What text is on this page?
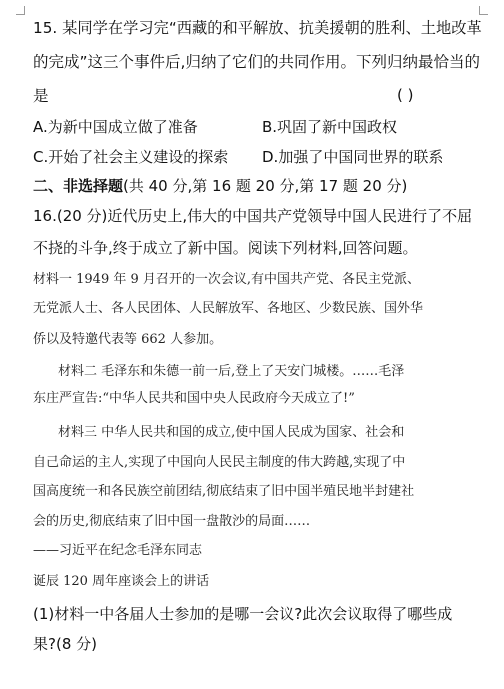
15. 某同学在学习完“西藏的和平解放、抗美援朝的胜利、土地改革
的完成”这三个事件后,归纳了它们的共同作用。下列归纳最恰当的
是	( )
A.为新中国成立做了准备	B.巩固了新中国政权
C.开始了社会主义建设的探索 D.加强了中国同世界的联系
二、非选择题(共 40 分,第 16 题 20 分,第 17 题 20 分)
16.(20 分)近代历史上,伟大的中国共产党领导中国人民进行了不屈
不挠的斗争,终于成立了新中国。阅读下列材料,回答问题。
材料一 1949 年 9 月召开的一次会议,有中国共产党、各民主党派、
无党派人士、各人民团体、人民解放军、各地区、少数民族、国外华
侨以及特邀代表等 662 人参加。
材料二 毛泽东和朱德一前一后,登上了天安门城楼。……毛泽
东庄严宣告:“中华人民共和国中央人民政府今天成立了!”
材料三 中华人民共和国的成立,使中国人民成为国家、社会和
自己命运的主人,实现了中国向人民民主制度的伟大跨越,实现了中
国高度统一和各民族空前团结,彻底结束了旧中国半殖民地半封建社
会的历史,彻底结束了旧中国一盘散沙的局面……
——习近平在纪念毛泽东同志
诞辰 120 周年座谈会上的讲话
(1)材料一中各届人士参加的是哪一会议?此次会议取得了哪些成
果?(8 分)
